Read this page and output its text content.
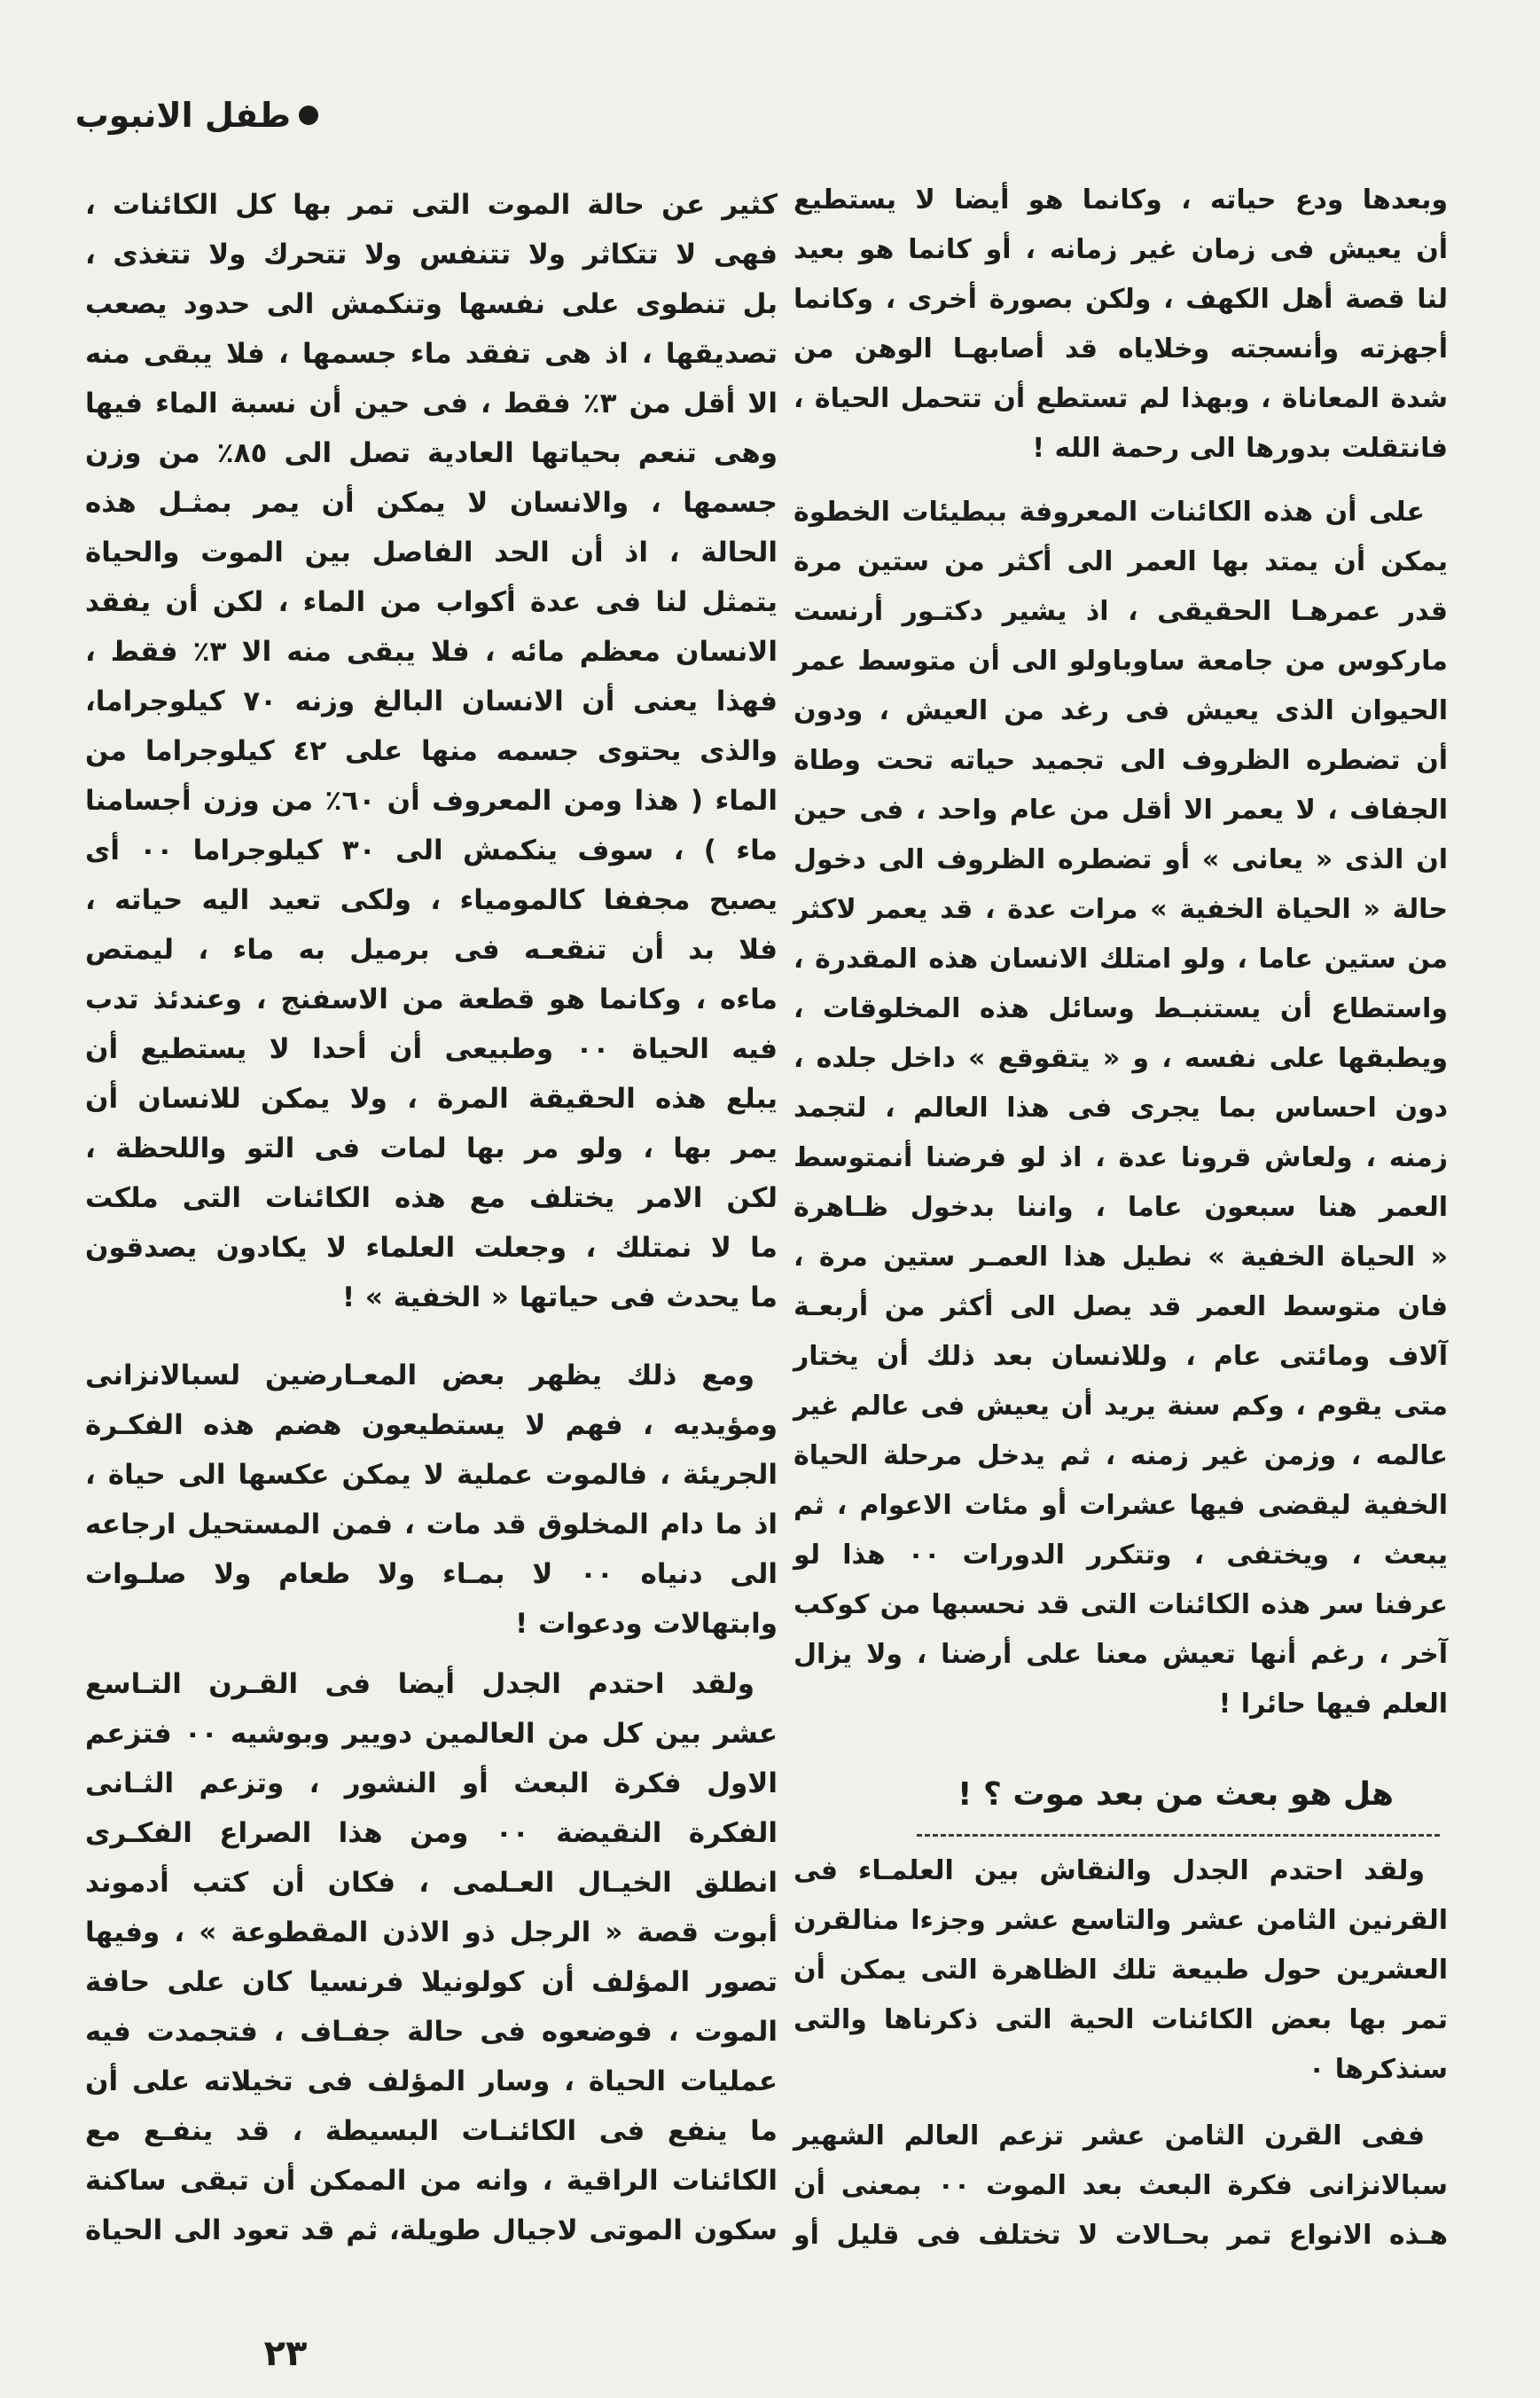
طفل الانبوب
وبعدها ودع حياته ، وكانما هو أيضا لا يستطيع
أن يعيش فى زمان غير زمانه ، أو كانما هو بعيد
لنا قصة أهل الكهف ، ولكن بصورة أخرى ، وكانما
أجهزته وأنسجته وخلاياه قد أصابهـا الوهن من
شدة المعاناة ، وبهذا لم تستطع أن تتحمل الحياة ،
فانتقلت بدورها الى رحمة الله !
على أن هذه الكائنات المعروفة ببطيئات الخطوة
يمكن أن يمتد بها العمر الى أكثر من ستين مرة
قدر عمرهـا الحقيقى ، اذ يشير دكتـور أرنست
ماركوس من جامعة ساوباولو الى أن متوسط عمر
الحيوان الذى يعيش فى رغد من العيش ، ودون
أن تضطره الظروف الى تجميد حياته تحت وطاة
الجفاف ، لا يعمر الا أقل من عام واحد ، فى حين
ان الذى « يعانى » أو تضطره الظروف الى دخول
حالة « الحياة الخفية » مرات عدة ، قد يعمر لاكثر
من ستين عاما ، ولو امتلك الانسان هذه المقدرة ،
واستطاع أن يستنبـط وسائل هذه المخلوقات ،
ويطبقها على نفسه ، و « يتقوقع » داخل جلده ،
دون احساس بما يجرى فى هذا العالم ، لتجمد
زمنه ، ولعاش قرونا عدة ، اذ لو فرضنا أنمتوسط
العمر هنا سبعون عاما ، واننا بدخول ظـاهرة
« الحياة الخفية » نطيل هذا العمـر ستين مرة ،
فان متوسط العمر قد يصل الى أكثر من أربعـة
آلاف ومائتى عام ، وللانسان بعد ذلك أن يختار
متى يقوم ، وكم سنة يريد أن يعيش فى عالم غير
عالمه ، وزمن غير زمنه ، ثم يدخل مرحلة الحياة
الخفية ليقضى فيها عشرات أو مئات الاعوام ، ثم
يبعث ، ويختفى ، وتتكرر الدورات ٠٠ هذا لو
عرفنا سر هذه الكائنات التى قد نحسبها من كوكب
آخر ، رغم أنها تعيش معنا على أرضنا ، ولا يزال
العلم فيها حائرا !
هل هو بعث من بعد موت ؟ !
ولقد احتدم الجدل والنقاش بين العلمـاء فى
القرنين الثامن عشر والتاسع عشر وجزءا منالقرن
العشرين حول طبيعة تلك الظاهرة التى يمكن أن
تمر بها بعض الكائنات الحية التى ذكرناها والتى
سنذكرها ٠
ففى القرن الثامن عشر تزعم العالم الشهير
سبالانزانى فكرة البعث بعد الموت ٠٠ بمعنى أن
هـذه الانواع تمر بحـالات لا تختلف فى قليل أو
كثير عن حالة الموت التى تمر بها كل الكائنات ،
فهى لا تتكاثر ولا تتنفس ولا تتحرك ولا تتغذى ،
بل تنطوى على نفسها وتنكمش الى حدود يصعب
تصديقها ، اذ هى تفقد ماء جسمها ، فلا يبقى منه
الا أقل من ٣٪ فقط ، فى حين أن نسبة الماء فيها
وهى تنعم بحياتها العادية تصل الى ٨٥٪ من وزن
جسمها ، والانسان لا يمكن أن يمر بمثـل هذه
الحالة ، اذ أن الحد الفاصل بين الموت والحياة
يتمثل لنا فى عدة أكواب من الماء ، لكن أن يفقد
الانسان معظم مائه ، فلا يبقى منه الا ٣٪ فقط ،
فهذا يعنى أن الانسان البالغ وزنه ٧٠ كيلوجراما،
والذى يحتوى جسمه منها على ٤٢ كيلوجراما من
الماء ( هذا ومن المعروف أن ٦٠٪ من وزن أجسامنا
ماء ) ، سوف ينكمش الى ٣٠ كيلوجراما ٠٠ أى
يصبح مجففا كالمومياء ، ولكى تعيد اليه حياته ،
فلا بد أن تنقعـه فى برميل به ماء ، ليمتص
ماءه ، وكانما هو قطعة من الاسفنج ، وعندئذ تدب
فيه الحياة ٠٠ وطبيعى أن أحدا لا يستطيع أن
يبلع هذه الحقيقة المرة ، ولا يمكن للانسان أن
يمر بها ، ولو مر بها لمات فى التو واللحظة ،
لكن الامر يختلف مع هذه الكائنات التى ملكت
ما لا نمتلك ، وجعلت العلماء لا يكادون يصدقون
ما يحدث فى حياتها « الخفية » !
ومع ذلك يظهر بعض المعـارضين لسبالانزانى
ومؤيديه ، فهم لا يستطيعون هضم هذه الفكـرة
الجريئة ، فالموت عملية لا يمكن عكسها الى حياة ،
اذ ما دام المخلوق قد مات ، فمن المستحيل ارجاعه
الى دنياه ٠٠ لا بمـاء ولا طعام ولا صلـوات
وابتهالات ودعوات !
ولقد احتدم الجدل أيضا فى القـرن التـاسع
عشر بين كل من العالمين دويير وبوشيه ٠٠ فتزعم
الاول فكرة البعث أو النشور ، وتزعم الثـانى
الفكرة النقيضة ٠٠ ومن هذا الصراع الفكـرى
انطلق الخيـال العـلمى ، فكان أن كتب أدموند
أبوت قصة « الرجل ذو الاذن المقطوعة » ، وفيها
تصور المؤلف أن كولونيلا فرنسيا كان على حافة
الموت ، فوضعوه فى حالة جفـاف ، فتجمدت فيه
عمليات الحياة ، وسار المؤلف فى تخيلاته على أن
ما ينفع فى الكائنـات البسيطة ، قد ينفـع مع
الكائنات الراقية ، وانه من الممكن أن تبقى ساكنة
سكون الموتى لاجيال طويلة، ثم قد تعود الى الحياة
٢٣
